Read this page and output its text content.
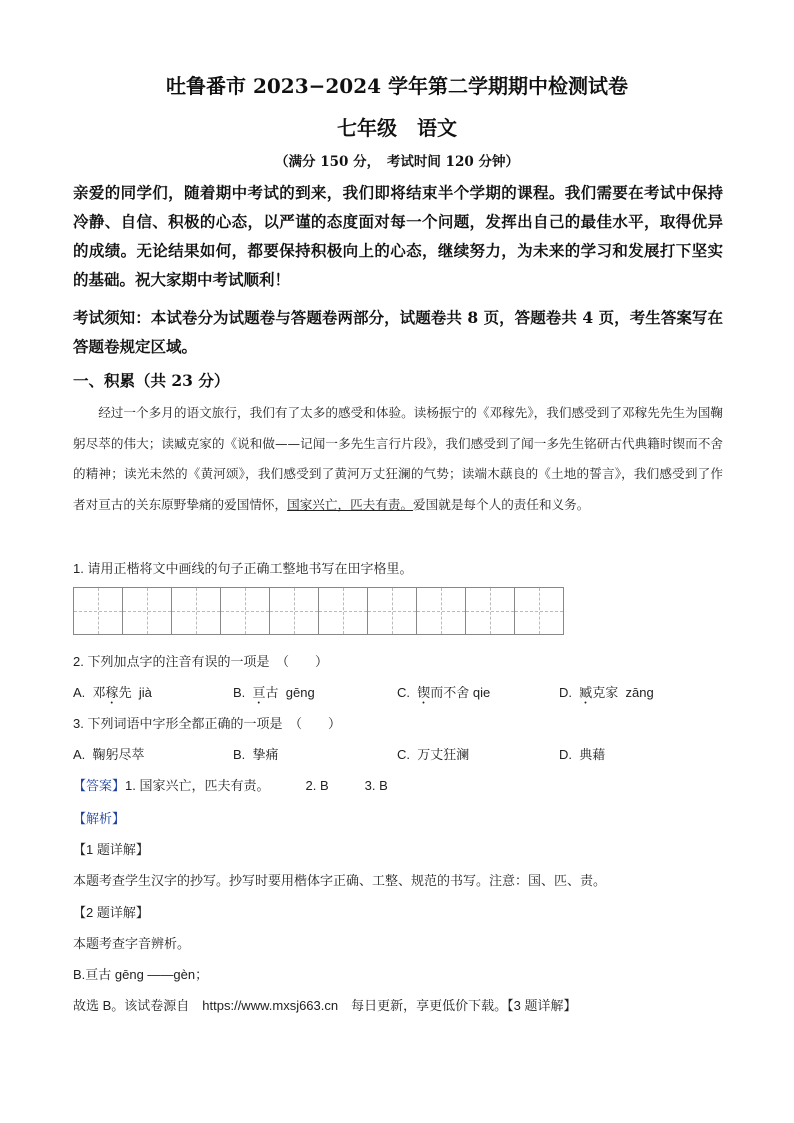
吐鲁番市 2023−2024 学年第二学期期中检测试卷
七年级　语文
（满分 150 分，　考试时间 120 分钟）
亲爱的同学们，随着期中考试的到来，我们即将结束半个学期的课程。我们需要在考试中保持冷静、自信、积极的心态，以严谨的态度面对每一个问题，发挥出自己的最佳水平，取得优异的成绩。无论结果如何，都要保持积极向上的心态，继续努力，为未来的学习和发展打下坚实的基础。祝大家期中考试顺利！
考试须知：本试卷分为试题卷与答题卷两部分，试题卷共 8 页，答题卷共 4 页，考生答案写在答题卷规定区域。
一、积累（共 23 分）
经过一个多月的语文旅行，我们有了太多的感受和体验。读杨振宁的《邓稼先》，我们感受到了邓稼先先生为国鞠躬尽萃的伟大；读臧克家的《说和做——记闻一多先生言行片段》，我们感受到了闻一多先生铭研古代典籍时锲而不舍的精神；读光未然的《黄河颂》，我们感受到了黄河万丈狂澜的气势；读端木蕻良的《土地的誓言》，我们感受到了作者对亘古的关东原野挚痛的爱国情怀，国家兴亡，匹夫有责。爱国就是每个人的责任和义务。
1. 请用正楷将文中画线的句子正确工整地书写在田字格里。
2. 下列加点字的注音有误的一项是　（　　）
A. 邓稼先 jià	B. 亘古 gēng	C. 锲而不舍 qie	D. 臧克家 zāng
3. 下列词语中字形全都正确的一项是　（　　）
A. 鞠躬尽萃	B. 挚痛	C. 万丈狂澜	D. 典藉
【答案】1. 国家兴亡，匹夫有责。	2. B	3. B
【解析】
【1 题详解】
本题考查学生汉字的抄写。抄写时要用楷体字正确、工整、规范的书写。注意：国、匹、责。
【2 题详解】
本题考查字音辨析。
B.亘古 gēng ——gèn；
故选 B。该试卷源自　https://www.mxsj663.cn　每日更新，享更低价下载。【3 题详解】
